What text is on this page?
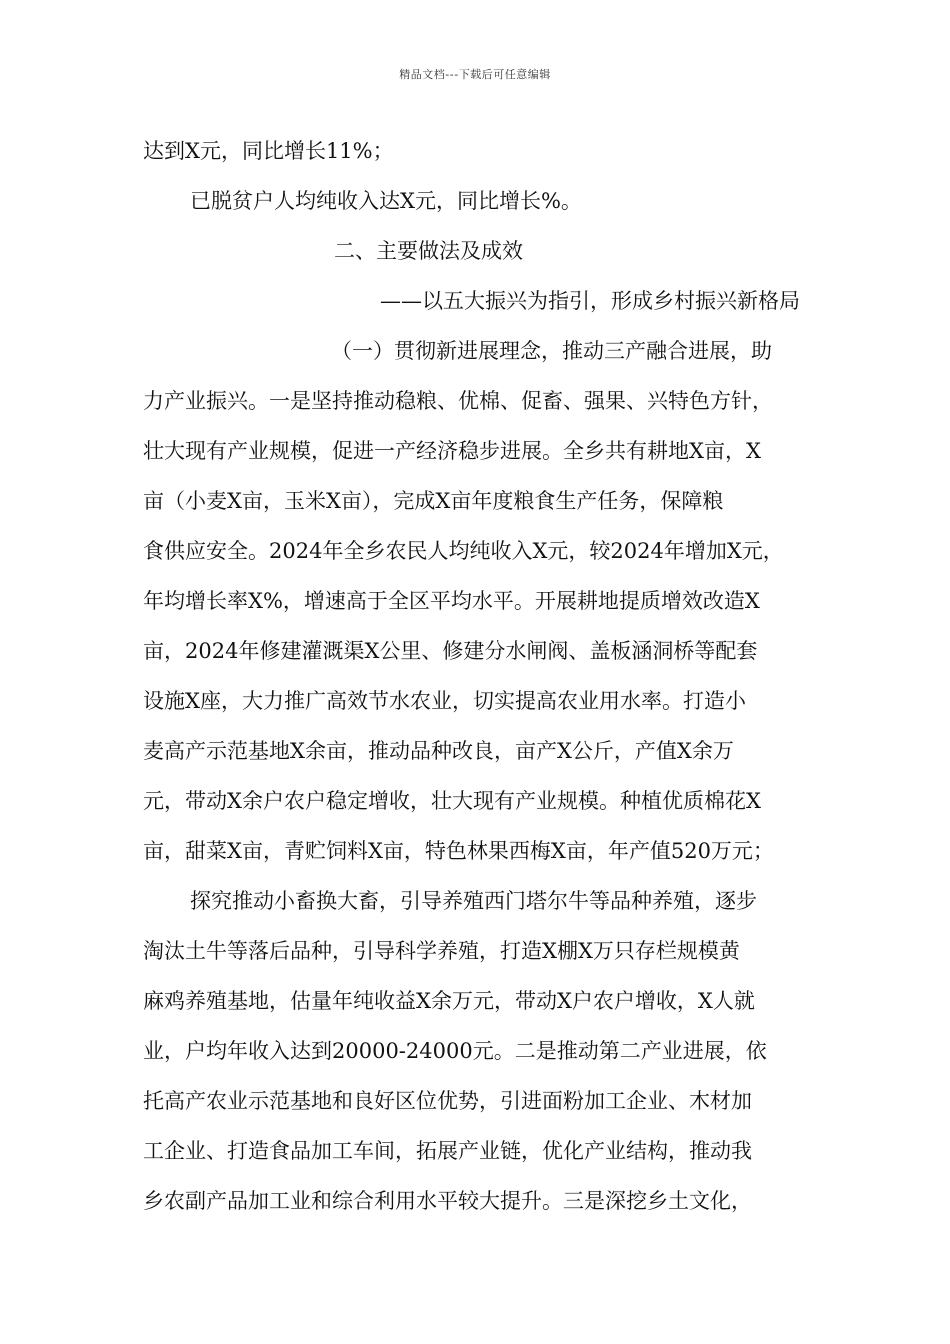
精品文档---下载后可任意编辑
达到X元，同比增长11%；
已脱贫户人均纯收入达X元，同比增长%。
二、主要做法及成效
——以五大振兴为指引，形成乡村振兴新格局
（一）贯彻新进展理念，推动三产融合进展，助
力产业振兴。一是坚持推动稳粮、优棉、促畜、强果、兴特色方针，
壮大现有产业规模，促进一产经济稳步进展。全乡共有耕地X亩，X
亩（小麦X亩，玉米X亩），完成X亩年度粮食生产任务，保障粮
食供应安全。2024年全乡农民人均纯收入X元，较2024年增加X元，
年均增长率X%，增速高于全区平均水平。开展耕地提质增效改造X
亩，2024年修建灌溉渠X公里、修建分水闸阀、盖板涵洞桥等配套
设施X座，大力推广高效节水农业，切实提高农业用水率。打造小
麦高产示范基地X余亩，推动品种改良，亩产X公斤，产值X余万
元，带动X余户农户稳定增收，壮大现有产业规模。种植优质棉花X
亩，甜菜X亩，青贮饲料X亩，特色林果西梅X亩，年产值520万元；
探究推动小畜换大畜，引导养殖西门塔尔牛等品种养殖，逐步
淘汰土牛等落后品种，引导科学养殖，打造X棚X万只存栏规模黄
麻鸡养殖基地，估量年纯收益X余万元，带动X户农户增收，X人就
业，户均年收入达到20000-24000元。二是推动第二产业进展，依
托高产农业示范基地和良好区位优势，引进面粉加工企业、木材加
工企业、打造食品加工车间，拓展产业链，优化产业结构，推动我
乡农副产品加工业和综合利用水平较大提升。三是深挖乡土文化，
